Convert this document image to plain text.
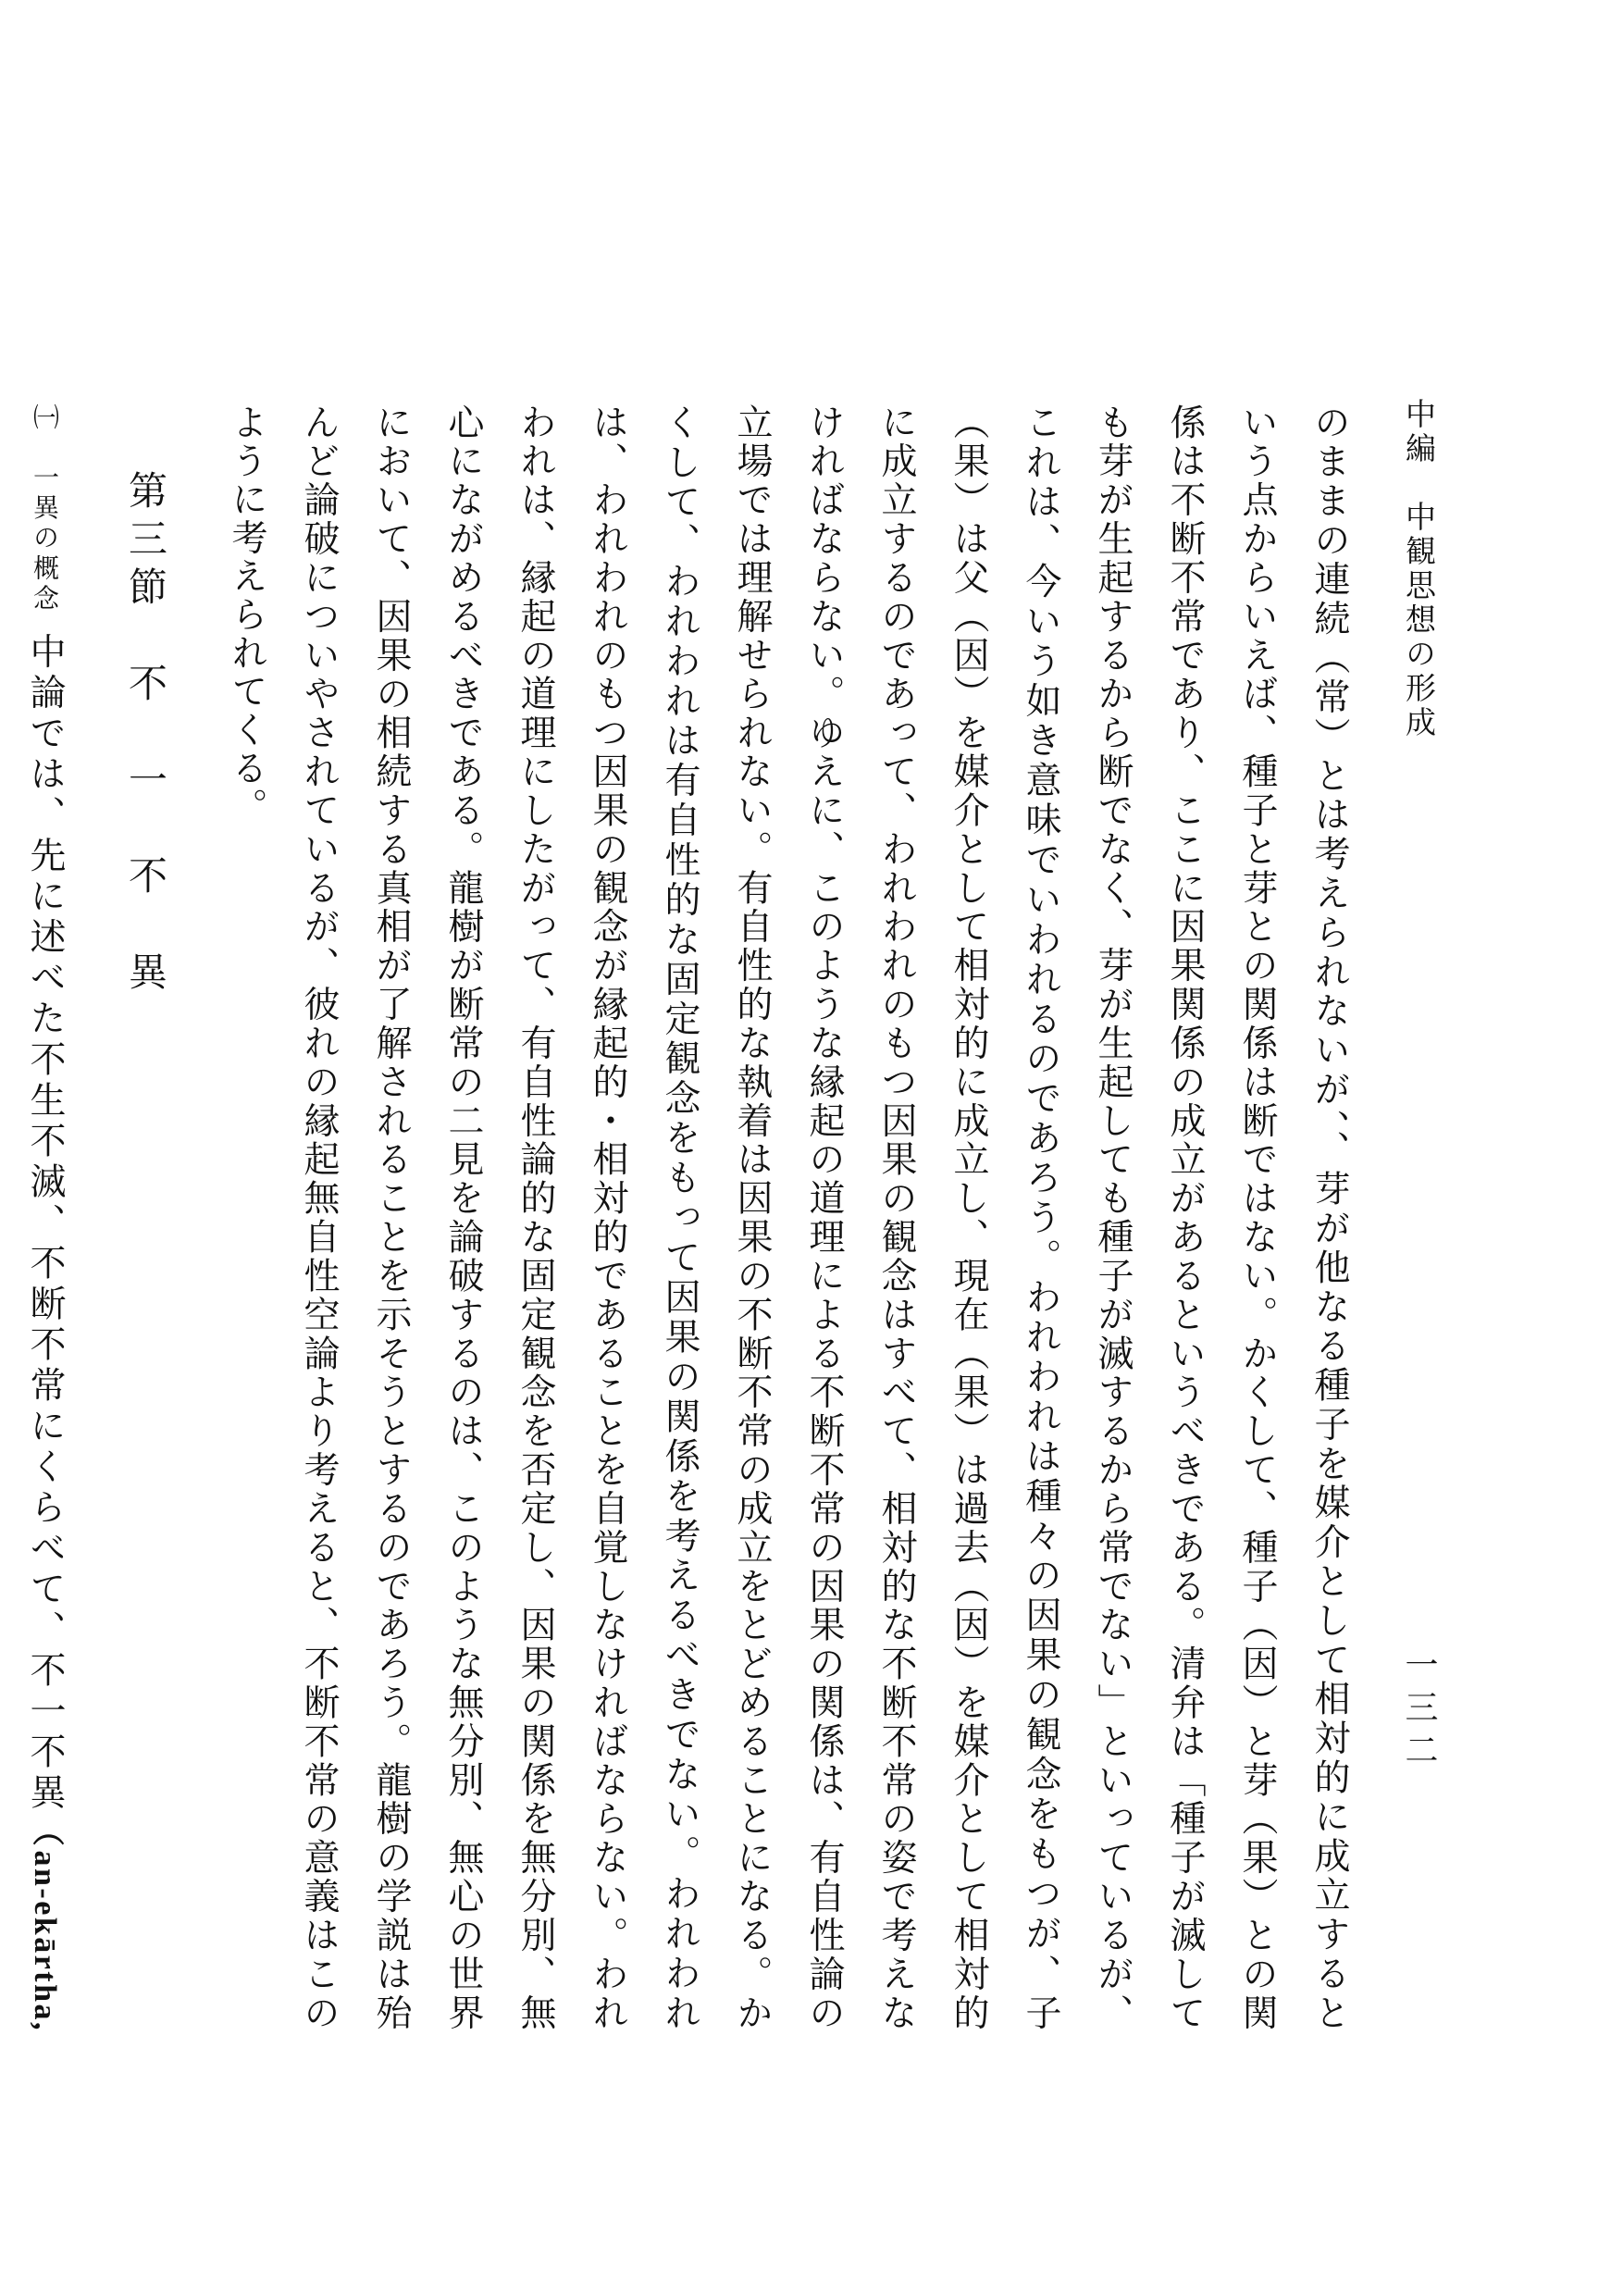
中編　中観思想の形成
一三二

のままの連続（常）とは考えられないが、、芽が他なる種子を媒介として相対的に成立するという点からいえば、種子と芽との関係は断ではない。かくして、種子（因）と芽（果）との関係は不断不常であり、ここに因果関係の成立があるというべきである。清弁は「種子が滅しても芽が生起するから断でなく、芽が生起しても種子が滅するから常でない」といっているが、これは、今いう如き意味でいわれるのであろう。われわれは種々の因果の観念をもつが、子（果）は父（因）を媒介として相対的に成立し、現在（果）は過去（因）を媒介として相対的に成立するのであって、われわれのもつ因果の観念はすべて、相対的な不断不常の姿で考えなければならない。ゆえに、このような縁起の道理による不断不常の因果の関係は、有自性論の立場では理解せられない。有自性的な執着は因果の不断不常の成立をとどめることになる。かくして、われわれは有自性的な固定観念をもって因果の関係を考えるべきでない。われわれは、われわれのもつ因果の観念が縁起的・相対的であることを自覚しなければならない。われわれは、縁起の道理にしたがって、有自性論的な固定観念を否定し、因果の関係を無分別、無心にながめるべきである。龍樹が断常の二見を論破するのは、このような無分別、無心の世界において、因果の相続する真相が了解されることを示そうとするのであろう。龍樹の学説は殆んど論破についやされているが、彼れの縁起無自性空論より考えると、不断不常の意義はこのように考えられてくる。

第三節　不　一　不　異

㈠　一異の概念中論では、先に述べた不生不滅、不断不常にくらべて、不一不異（an-ekārtha,
